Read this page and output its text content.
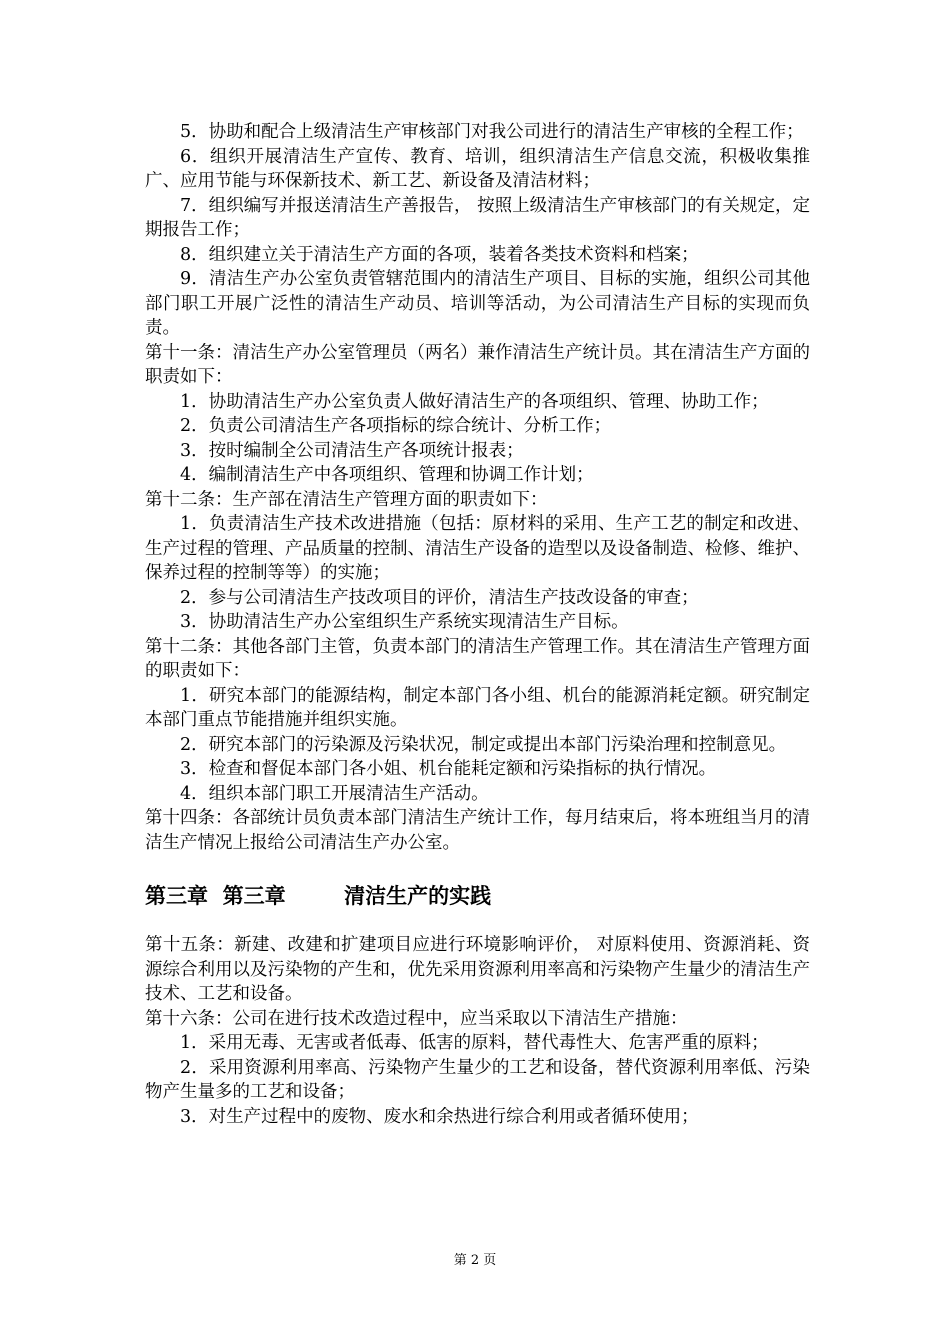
5．协助和配合上级清洁生产审核部门对我公司进行的清洁生产审核的全程工作；

6．组织开展清洁生产宣传、教育、培训，组织清洁生产信息交流，积极收集推广、应用节能与环保新技术、新工艺、新设备及清洁材料；

7．组织编写并报送清洁生产善报告， 按照上级清洁生产审核部门的有关规定，定期报告工作；

8．组织建立关于清洁生产方面的各项，装着各类技术资料和档案；

9．清洁生产办公室负责管辖范围内的清洁生产项目、目标的实施，组织公司其他部门职工开展广泛性的清洁生产动员、培训等活动，为公司清洁生产目标的实现而负责。

第十一条：清洁生产办公室管理员（两名）兼作清洁生产统计员。其在清洁生产方面的职责如下：

1．协助清洁生产办公室负责人做好清洁生产的各项组织、管理、协助工作；

2．负责公司清洁生产各项指标的综合统计、分析工作；

3．按时编制全公司清洁生产各项统计报表；

4．编制清洁生产中各项组织、管理和协调工作计划；

第十二条：生产部在清洁生产管理方面的职责如下：

1．负责清洁生产技术改进措施（包括：原材料的采用、生产工艺的制定和改进、生产过程的管理、产品质量的控制、清洁生产设备的造型以及设备制造、检修、维护、保养过程的控制等等）的实施；

2．参与公司清洁生产技改项目的评价，清洁生产技改设备的审查；

3．协助清洁生产办公室组织生产系统实现清洁生产目标。

第十二条：其他各部门主管，负责本部门的清洁生产管理工作。其在清洁生产管理方面的职责如下：

1．研究本部门的能源结构，制定本部门各小组、机台的能源消耗定额。研究制定本部门重点节能措施并组织实施。

2．研究本部门的污染源及污染状况，制定或提出本部门污染治理和控制意见。

3．检查和督促本部门各小姐、机台能耗定额和污染指标的执行情况。

4．组织本部门职工开展清洁生产活动。

第十四条：各部统计员负责本部门清洁生产统计工作，每月结束后，将本班组当月的清洁生产情况上报给公司清洁生产办公室。

第三章  第三章        清洁生产的实践

第十五条：新建、改建和扩建项目应进行环境影响评价， 对原料使用、资源消耗、资源综合利用以及污染物的产生和，优先采用资源利用率高和污染物产生量少的清洁生产技术、工艺和设备。

第十六条：公司在进行技术改造过程中，应当采取以下清洁生产措施：

1．采用无毒、无害或者低毒、低害的原料，替代毒性大、危害严重的原料；

2．采用资源利用率高、污染物产生量少的工艺和设备，替代资源利用率低、污染物产生量多的工艺和设备；

3．对生产过程中的废物、废水和余热进行综合利用或者循环使用；

第 2 页
